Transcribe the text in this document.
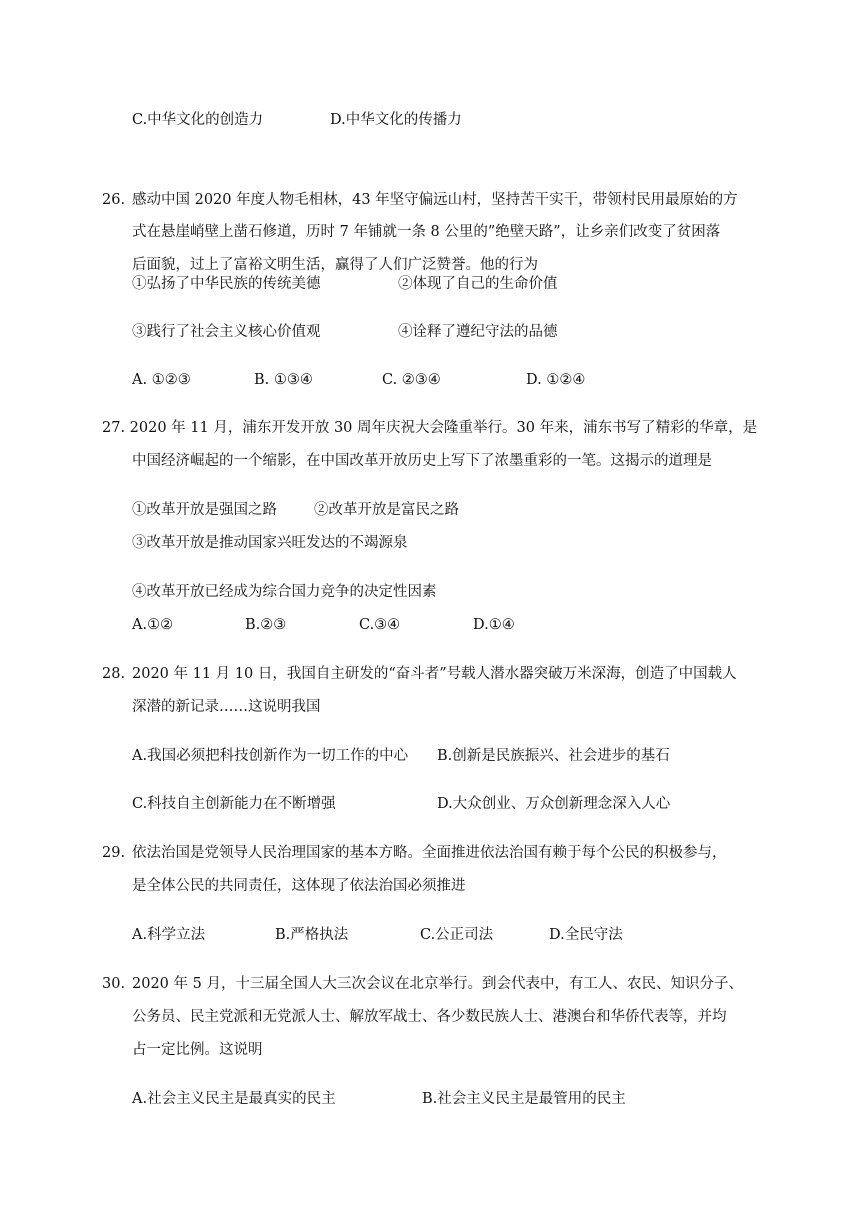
C.中华文化的创造力	D.中华文化的传播力
26. 感动中国 2020 年度人物毛相林，43 年坚守偏远山村，坚持苦干实干，带领村民用最原始的方
式在悬崖峭壁上凿石修道，历时 7 年铺就一条 8 公里的”绝壁天路”，让乡亲们改变了贫困落
后面貌，过上了富裕文明生活，赢得了人们广泛赞誉。他的行为
①弘扬了中华民族的传统美德	②体现了自己的生命价值
③践行了社会主义核心价值观	④诠释了遵纪守法的品德
A. ①②③	B. ①③④	C. ②③④	D. ①②④
27. 2020 年 11 月，浦东开发开放 30 周年庆祝大会隆重举行。30 年来，浦东书写了精彩的华章，是
中国经济崛起的一个缩影，在中国改革开放历史上写下了浓墨重彩的一笔。这揭示的道理是
①改革开放是强国之路	②改革开放是富民之路
③改革开放是推动国家兴旺发达的不竭源泉
④改革开放已经成为综合国力竞争的决定性因素
A.①②	B.②③	C.③④	D.①④
28. 2020 年 11 月 10 日，我国自主研发的“奋斗者”号载人潜水器突破万米深海，创造了中国载人
深潜的新记录……这说明我国
A.我国必须把科技创新作为一切工作的中心 B.创新是民族振兴、社会进步的基石
C.科技自主创新能力在不断增强	D.大众创业、万众创新理念深入人心
29. 依法治国是党领导人民治理国家的基本方略。全面推进依法治国有赖于每个公民的积极参与，
是全体公民的共同责任，这体现了依法治国必须推进
A.科学立法	B.严格执法	C.公正司法	D.全民守法
30. 2020 年 5 月，十三届全国人大三次会议在北京举行。到会代表中，有工人、农民、知识分子、
公务员、民主党派和无党派人士、解放军战士、各少数民族人士、港澳台和华侨代表等，并均
占一定比例。这说明
A.社会主义民主是最真实的民主	B.社会主义民主是最管用的民主
